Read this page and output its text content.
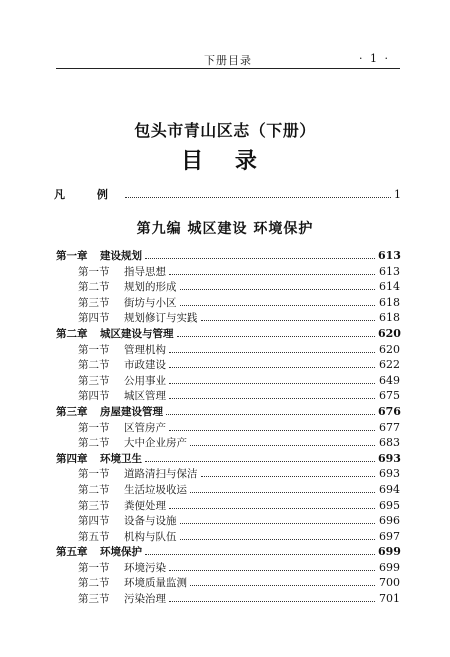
下册目录	· 1 ·
包头市青山区志（下册）
目 录
凡 例	1
第九编 城区建设 环境保护
第一章	建设规划	613
第一节	指导思想	613
第二节	规划的形成	614
第三节	街坊与小区	618
第四节	规划修订与实践	618
第二章	城区建设与管理	620
第一节	管理机构	620
第二节	市政建设	622
第三节	公用事业	649
第四节	城区管理	675
第三章	房屋建设管理	676
第一节	区管房产	677
第二节	大中企业房产	683
第四章	环境卫生	693
第一节	道路清扫与保洁	693
第二节	生活垃圾收运	694
第三节	粪便处理	695
第四节	设备与设施	696
第五节	机构与队伍	697
第五章	环境保护	699
第一节	环境污染	699
第二节	环境质量监测	700
第三节	污染治理	701
